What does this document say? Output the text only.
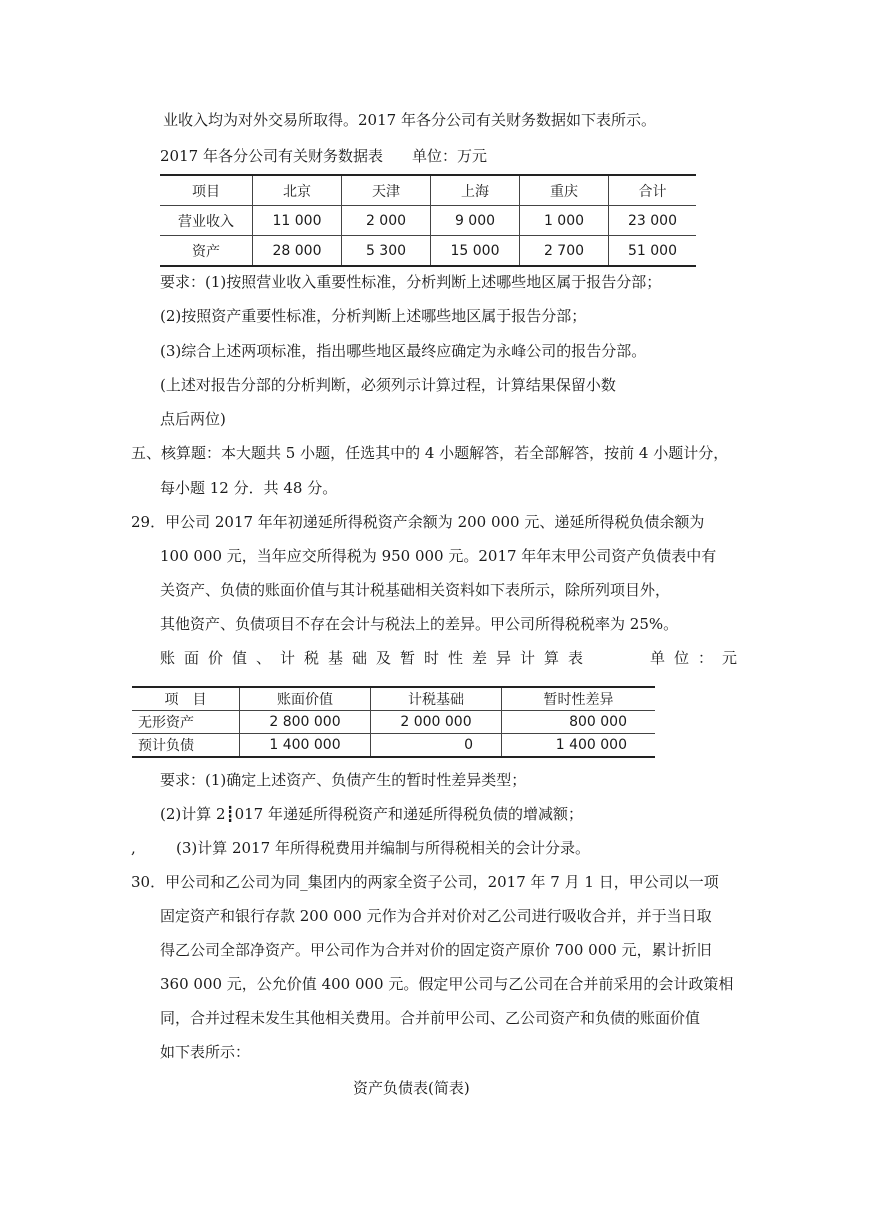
业收入均为对外交易所取得。2017 年各分公司有关财务数据如下表所示。
2017 年各分公司有关财务数据表 单位：万元
项目	北京	天津	上海	重庆	合计
营业收入	11 000	2 000	9 000	1 000	23 000
资产	28 000	5 300	15 000	2 700	51 000
要求：(1)按照营业收入重要性标准，分析判断上述哪些地区属于报告分部；
(2)按照资产重要性标准，分析判断上述哪些地区属于报告分部；
(3)综合上述两项标准，指出哪些地区最终应确定为永峰公司的报告分部。
(上述对报告分部的分析判断，必须列示计算过程，计算结果保留小数
点后两位)
五、核算题：本大题共 5 小题，任选其中的 4 小题解答，若全部解答，按前 4 小题计分，
每小题 12 分．共 48 分。
29．甲公司 2017 年年初递延所得税资产余额为 200 000 元、递延所得税负债余额为
100 000 元，当年应交所得税为 950 000 元。2017 年年末甲公司资产负债表中有
关资产、负债的账面价值与其计税基础相关资料如下表所示，除所列项目外，
其他资产、负债项目不存在会计与税法上的差异。甲公司所得税税率为 25%。
账面价值、计税基础及暂时性差异计算表	单位：元
项　目	账面价值	计税基础	暂时性差异
无形资产	2 800 000	2 000 000	800 000
预计负债	1 400 000	0	1 400 000
要求：(1)确定上述资产、负债产生的暂时性差异类型；
(2)计算 2┋017 年递延所得税资产和递延所得税负债的增减额；
,	(3)计算 2017 年所得税费用并编制与所得税相关的会计分录。
30．甲公司和乙公司为同_集团内的两家全资子公司，2017 年 7 月 1 日，甲公司以一项
固定资产和银行存款 200 000 元作为合并对价对乙公司进行吸收合并，并于当日取
得乙公司全部净资产。甲公司作为合并对价的固定资产原价 700 000 元，累计折旧
360 000 元，公允价值 400 000 元。假定甲公司与乙公司在合并前采用的会计政策相
同，合并过程未发生其他相关费用。合并前甲公司、乙公司资产和负债的账面价值
如下表所示：
资产负债表(简表)
